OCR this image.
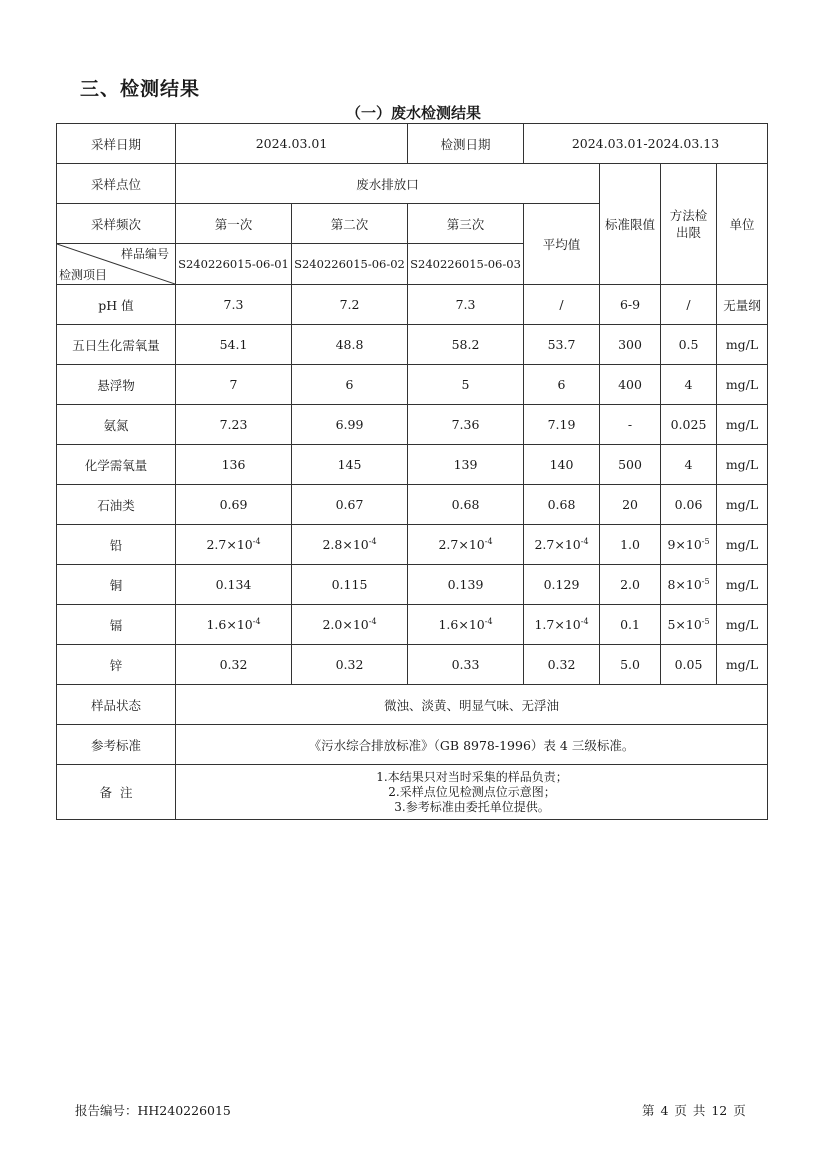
三、检测结果
（一）废水检测结果
采样日期	2024.03.01		检测日期	2024.03.01-2024.03.13			
采样点位	废水排放口				标准限值	方法检出限	单位
采样频次	第一次	第二次	第三次	平均值			

样品编号
检测项目	S240226015-06-01	S240226015-06-02	S240226015-06-03				
pH 值	7.3	7.2	7.3	/	6-9	/	无量纲
五日生化需氧量	54.1	48.8	58.2	53.7	300	0.5	mg/L
悬浮物	7	6	5	6	400	4	mg/L
氨氮	7.23	6.99	7.36	7.19	-	0.025	mg/L
化学需氧量	136	145	139	140	500	4	mg/L
石油类	0.69	0.67	0.68	0.68	20	0.06	mg/L
铅	$2.7\times 10^{-4}$	$2.8\times 10^{-4}$	$2.7\times 10^{-4}$	$2.7\times 10^{-4}$	1.0	$9\times 10^{-5}$	mg/L
铜	0.134	0.115	0.139	0.129	2.0	$8\times 10^{-5}$	mg/L
镉	$1.6\times 10^{-4}$	$2.0\times 10^{-4}$	$1.6\times 10^{-4}$	$1.7\times 10^{-4}$	0.1	$5\times 10^{-5}$	mg/L
锌	0.32	0.32	0.33	0.32	5.0	0.05	mg/L
样品状态	微浊、淡黄、明显气味、无浮油						
参考标准	《污水综合排放标准》（GB 8978-1996）表 4 三级标准。						
备  注	1.本结果只对当时采集的样品负责；
2.采样点位见检测点位示意图；
3.参考标准由委托单位提供。						
报告编号：HH240226015	第 4 页 共 12 页
